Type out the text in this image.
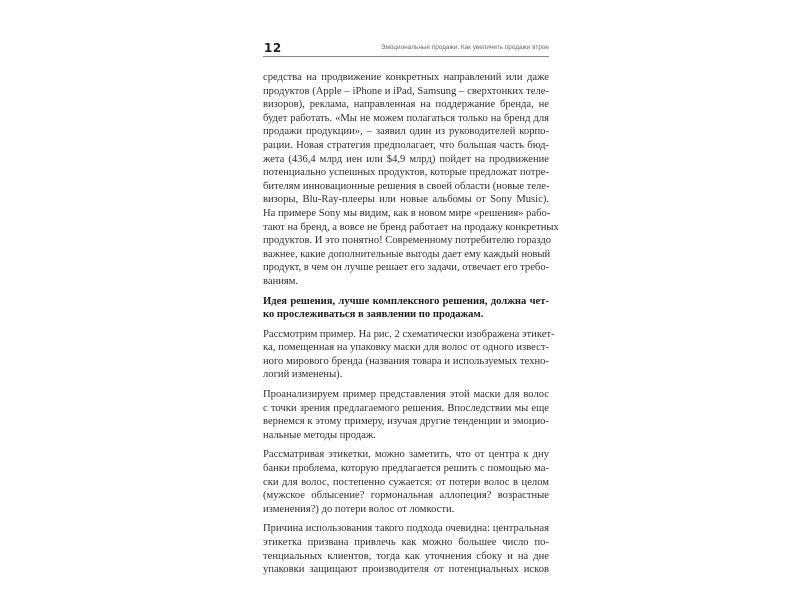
12	Эмоциональные продажи. Как увеличить продажи втрое

средства на продвижение конкретных направлений или даже
продуктов (Apple – iPhone и iPad, Samsung – сверхтонких теле-
визоров), реклама, направленная на поддержание бренда, не
будет работать. «Мы не можем полагаться только на бренд для
продажи продукции», – заявил один из руководителей корпо-
рации. Новая стратегия предполагает, что большая часть бюд-
жета (436,4 млрд иен или $4,9 млрд) пойдет на продвижение
потенциально успешных продуктов, которые предложат потре-
бителям инновационные решения в своей области (новые теле-
визоры, Blu-Ray-плееры или новые альбомы от Sony Music).
На примере Sony мы видим, как в новом мире «решения» рабо-
тают на бренд, а вовсе не бренд работает на продажу конкретных
продуктов. И это понятно! Современному потребителю гораздо
важнее, какие дополнительные выгоды дает ему каждый новый
продукт, в чем он лучше решает его задачи, отвечает его требо-
ваниям.

Идея решения, лучше комплексного решения, должна чет-
ко прослеживаться в заявлении по продажам.

Рассмотрим пример. На рис. 2 схематически изображена этикет-
ка, помещенная на упаковку маски для волос от одного извест-
ного мирового бренда (названия товара и используемых техно-
логий изменены).

Проанализируем пример представления этой маски для волос
с точки зрения предлагаемого решения. Впоследствии мы еще
вернемся к этому примеру, изучая другие тенденции и эмоцио-
нальные методы продаж.

Рассматривая этикетки, можно заметить, что от центра к дну
банки проблема, которую предлагается решить с помощью ма-
ски для волос, постепенно сужается: от потери волос в целом
(мужское облысение? гормональная аллопеция? возрастные
изменения?) до потери волос от ломкости.

Причина использования такого подхода очевидна: центральная
этикетка призвана привлечь как можно большее число по-
тенциальных клиентов, тогда как уточнения сбоку и на дне
упаковки защищают производителя от потенциальных исков
